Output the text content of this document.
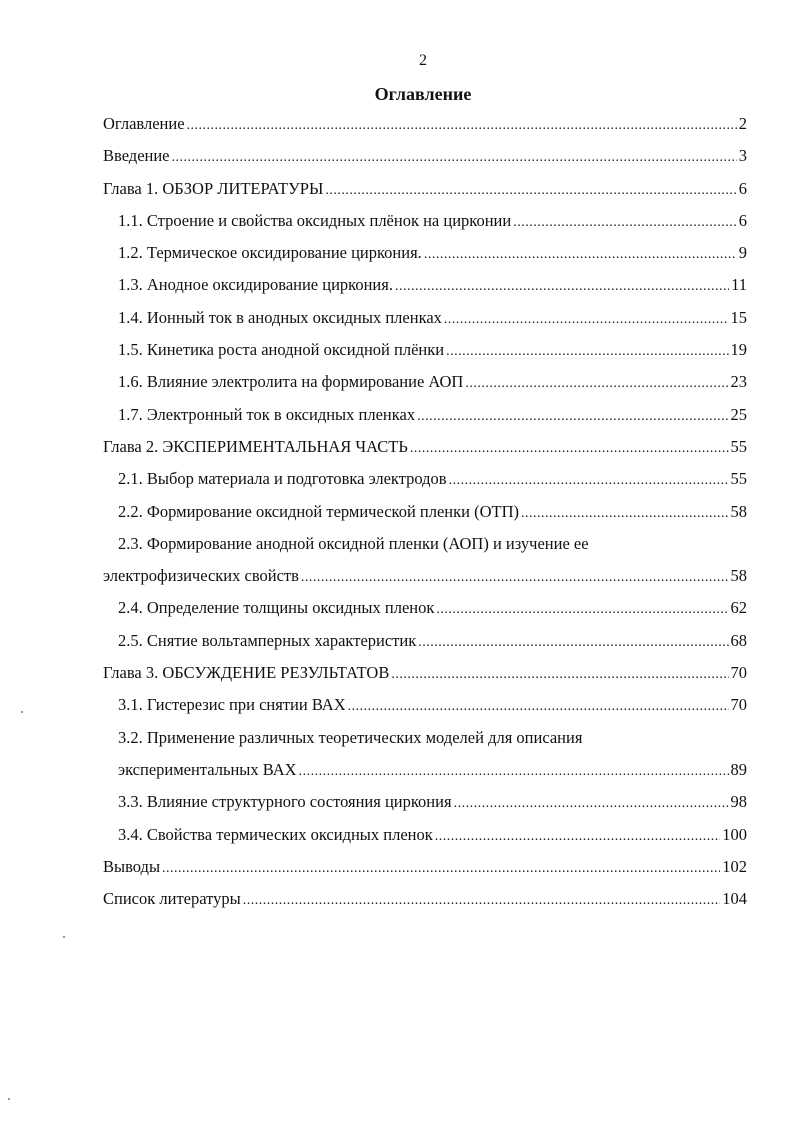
2
Оглавление
Оглавление .....	2
Введение .....	3
Глава 1. ОБЗОР ЛИТЕРАТУРЫ .....	6
1.1. Строение и свойства оксидных плёнок на цирконии .....	6
1.2. Термическое оксидирование циркония. .....	9
1.3. Анодное оксидирование циркония. .....	11
1.4. Ионный ток в анодных оксидных пленках .....	15
1.5. Кинетика роста анодной оксидной плёнки .....	19
1.6. Влияние электролита на формирование АОП .....	23
1.7. Электронный ток в оксидных пленках .....	25
Глава 2. ЭКСПЕРИМЕНТАЛЬНАЯ ЧАСТЬ .....	55
2.1. Выбор материала и подготовка электродов .....	55
2.2. Формирование оксидной термической пленки (ОТП) .....	58
2.3. Формирование анодной оксидной пленки (АОП) и изучение ее
электрофизических свойств .....	58
2.4. Определение толщины оксидных пленок .....	62
2.5. Снятие вольтамперных характеристик .....	68
Глава 3. ОБСУЖДЕНИЕ РЕЗУЛЬТАТОВ .....	70
3.1. Гистерезис при снятии ВАХ .....	70
3.2. Применение различных теоретических моделей для описания
экспериментальных ВАХ .....	89
3.3. Влияние структурного состояния циркония .....	98
3.4. Свойства термических оксидных пленок .....	100
Выводы .....	102
Список литературы .....	104
